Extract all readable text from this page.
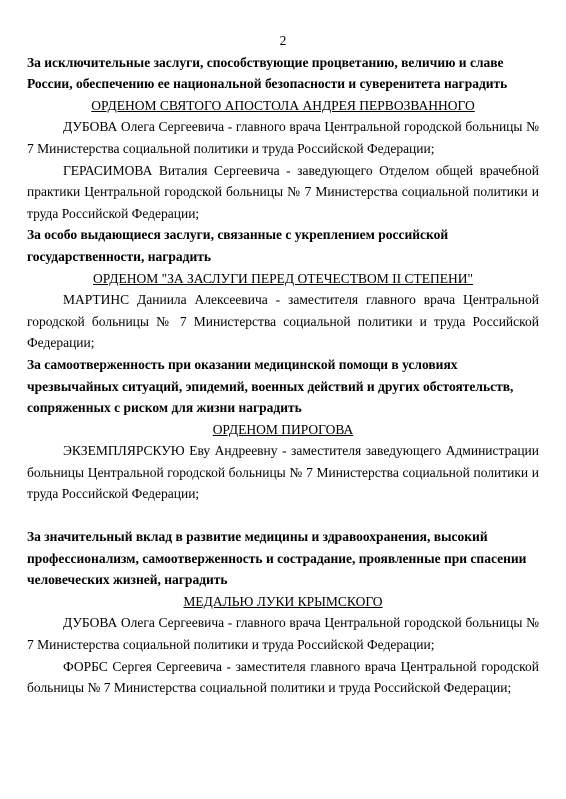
2

За исключительные заслуги, способствующие процветанию, величию и славе России, обеспечению ее национальной безопасности и суверенитета наградить

ОРДЕНОМ СВЯТОГО АПОСТОЛА АНДРЕЯ ПЕРВОЗВАННОГО

ДУБОВА Олега Сергеевича - главного врача Центральной городской больницы № 7 Министерства социальной политики и труда Российской Федерации;

ГЕРАСИМОВА Виталия Сергеевича - заведующего Отделом общей врачебной практики Центральной городской больницы № 7 Министерства социальной политики и труда Российской Федерации;

За особо выдающиеся заслуги, связанные с укреплением российской государственности, наградить

ОРДЕНОМ "ЗА ЗАСЛУГИ ПЕРЕД ОТЕЧЕСТВОМ II СТЕПЕНИ"

МАРТИНС Даниила Алексеевича - заместителя главного врача Центральной городской больницы № 7 Министерства социальной политики и труда Российской Федерации;

За самоотверженность при оказании медицинской помощи в условиях чрезвычайных ситуаций, эпидемий, военных действий и других обстоятельств, сопряженных с риском для жизни наградить

ОРДЕНОМ ПИРОГОВА

ЭКЗЕМПЛЯРСКУЮ Еву Андреевну - заместителя заведующего Администрации больницы Центральной городской больницы № 7 Министерства социальной политики и труда Российской Федерации;

За значительный вклад в развитие медицины и здравоохранения, высокий профессионализм, самоотверженность и сострадание, проявленные при спасении человеческих жизней, наградить

МЕДАЛЬЮ ЛУКИ КРЫМСКОГО

ДУБОВА Олега Сергеевича - главного врача Центральной городской больницы № 7 Министерства социальной политики и труда Российской Федерации;

ФОРБС Сергея Сергеевича - заместителя главного врача Центральной городской больницы № 7 Министерства социальной политики и труда Российской Федерации;
